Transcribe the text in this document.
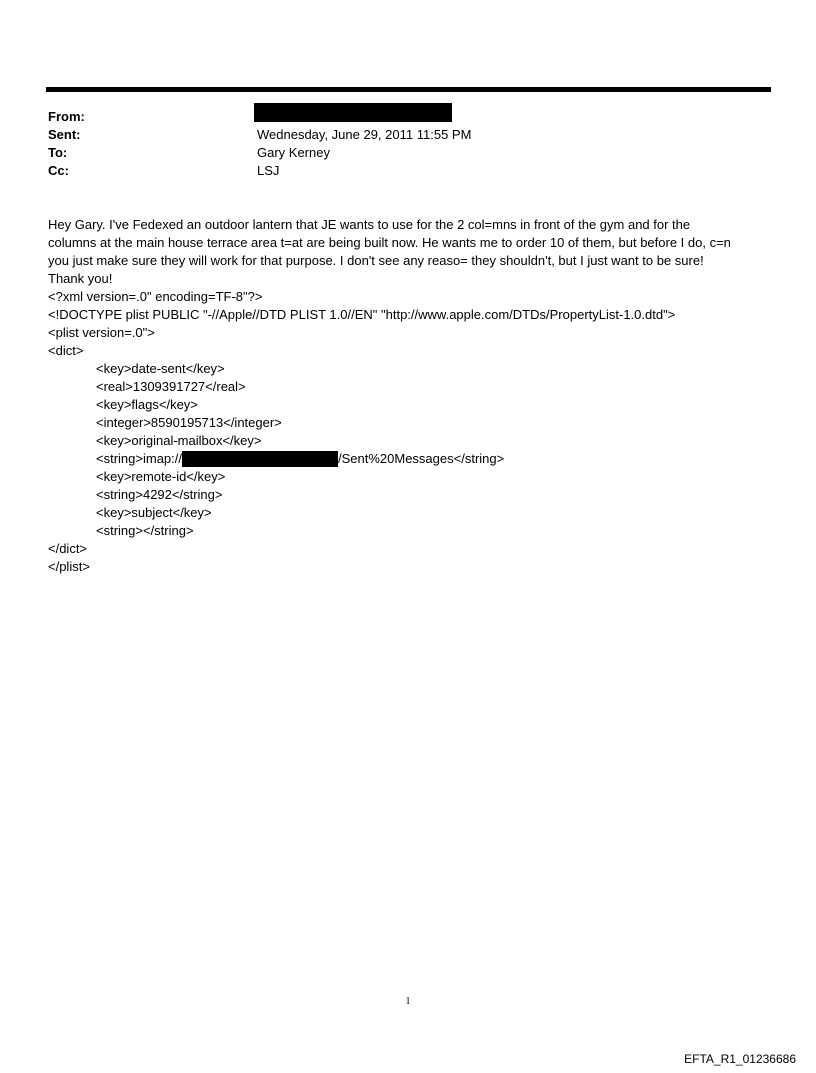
From:
Sent:	Wednesday, June 29, 2011 11:55 PM
To:	Gary Kerney
Cc:	LSJ
Hey Gary. I've Fedexed an outdoor lantern that JE wants to use for the 2 col=mns in front of the gym and for the
columns at the main house terrace area t=at are being built now. He wants me to order 10 of them, but before I do, c=n
you just make sure they will work for that purpose. I don't see any reaso= they shouldn't, but I just want to be sure!
Thank you!
<?xml version=.0" encoding=TF-8"?>
<!DOCTYPE plist PUBLIC "-//Apple//DTD PLIST 1.0//EN" "http://www.apple.com/DTDs/PropertyList-1.0.dtd">
<plist version=.0">
<dict>
<key>date-sent</key>
<real>1309391727</real>
<key>flags</key>
<integer>8590195713</integer>
<key>original-mailbox</key>
<string>imap://	/Sent%20Messages</string>
<key>remote-id</key>
<string>4292</string>
<key>subject</key>
<string></string>
</dict>
</plist>
1
EFTA_R1_01236686
